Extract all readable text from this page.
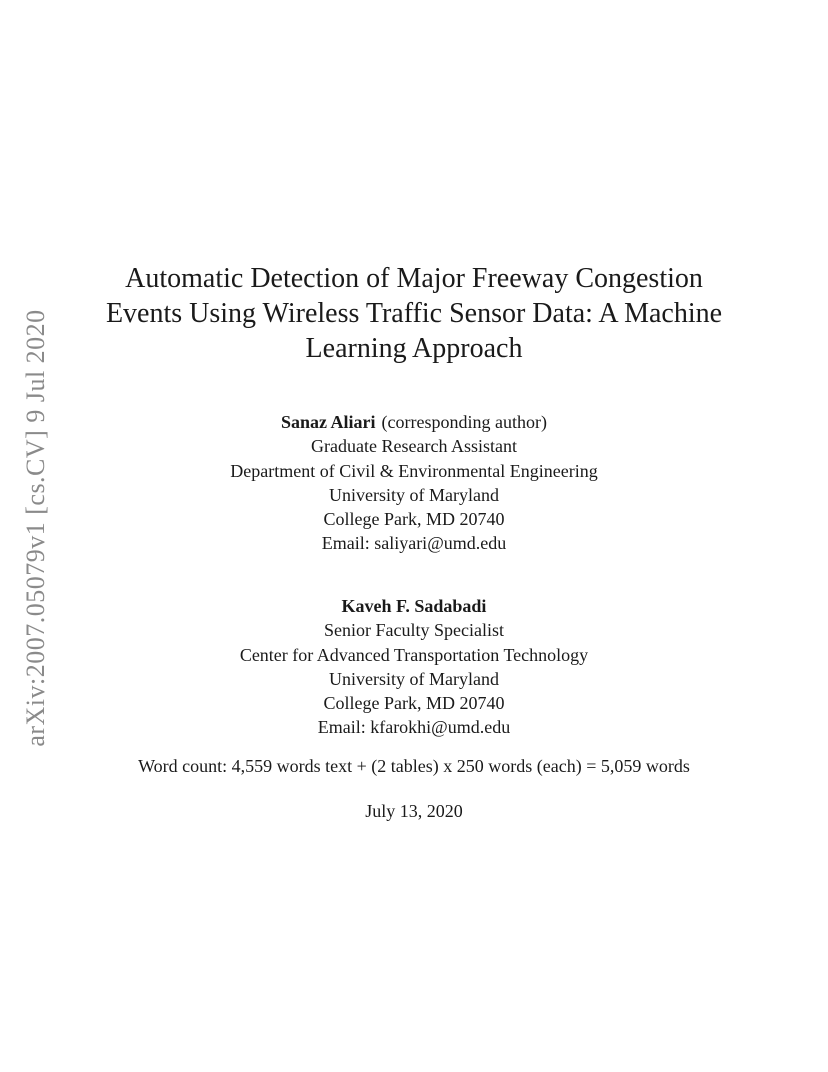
arXiv:2007.05079v1 [cs.CV] 9 Jul 2020
Automatic Detection of Major Freeway Congestion
Events Using Wireless Traffic Sensor Data: A Machine
Learning Approach
Sanaz Aliari (corresponding author)
Graduate Research Assistant
Department of Civil & Environmental Engineering
University of Maryland
College Park, MD 20740
Email: saliyari@umd.edu
Kaveh F. Sadabadi
Senior Faculty Specialist
Center for Advanced Transportation Technology
University of Maryland
College Park, MD 20740
Email: kfarokhi@umd.edu
Word count: 4,559 words text + (2 tables) x 250 words (each) = 5,059 words
July 13, 2020
